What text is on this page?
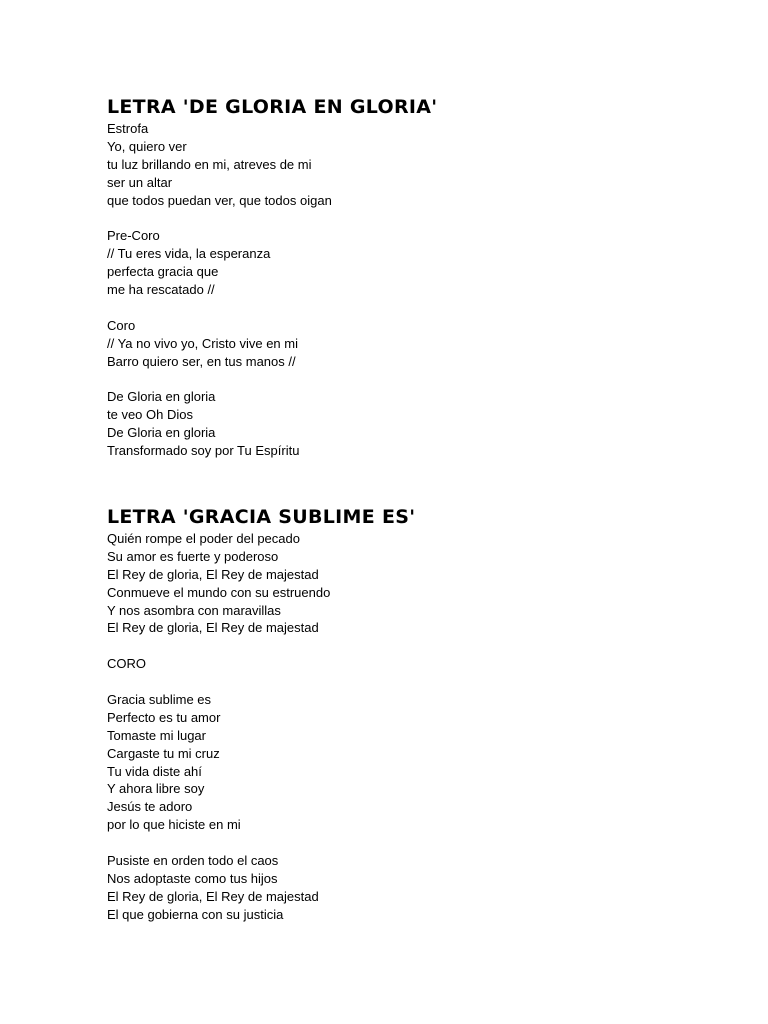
LETRA 'DE GLORIA EN GLORIA'
Estrofa
Yo, quiero ver
tu luz brillando en mi, atreves de mi
ser un altar
que todos puedan ver, que todos oigan
Pre-Coro
// Tu eres vida, la esperanza
perfecta gracia que
me ha rescatado //
Coro
// Ya no vivo yo, Cristo vive en mi
Barro quiero ser, en tus manos //
De Gloria en gloria
te veo Oh Dios
De Gloria en gloria
Transformado soy por Tu Espíritu
LETRA 'GRACIA SUBLIME ES'
Quién rompe el poder del pecado
Su amor es fuerte y poderoso
El Rey de gloria, El Rey de majestad
Conmueve el mundo con su estruendo
Y nos asombra con maravillas
El Rey de gloria, El Rey de majestad
CORO
Gracia sublime es
Perfecto es tu amor
Tomaste mi lugar
Cargaste tu mi cruz
Tu vida diste ahí
Y ahora libre soy
Jesús te adoro
por lo que hiciste en mi
Pusiste en orden todo el caos
Nos adoptaste como tus hijos
El Rey de gloria, El Rey de majestad
El que gobierna con su justicia
